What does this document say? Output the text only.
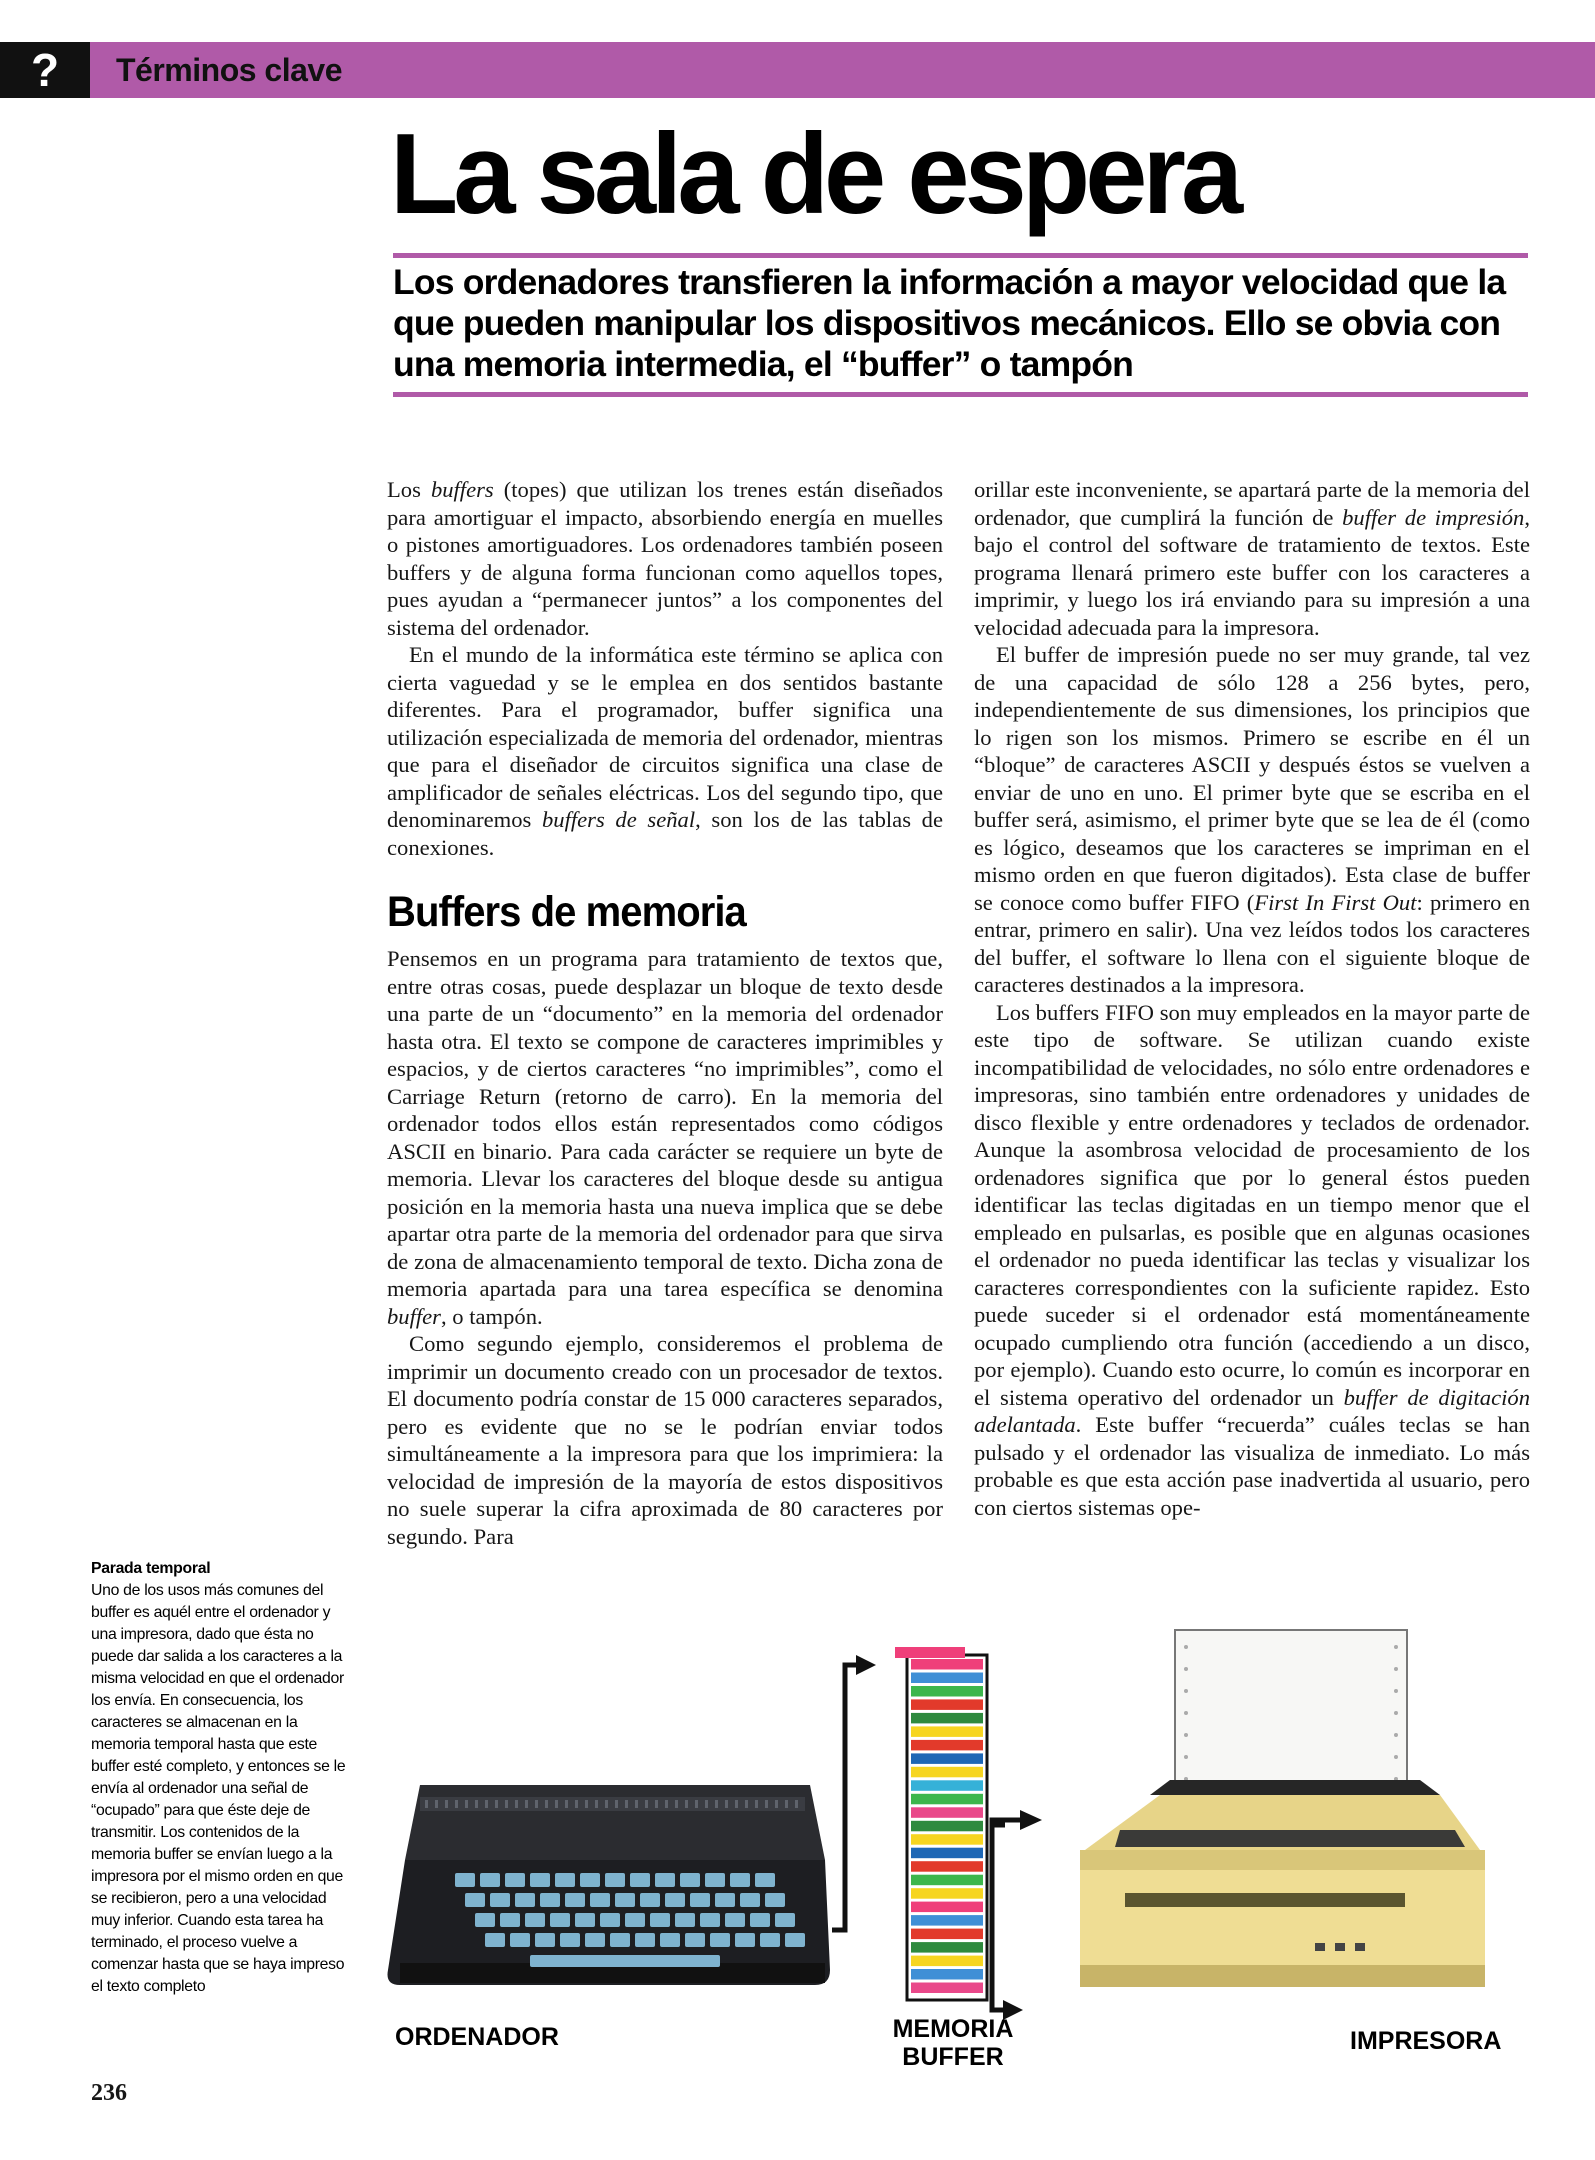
?	Términos clave
La sala de espera
Los ordenadores transfieren la información a mayor velocidad que la que pueden manipular los dispositivos mecánicos. Ello se obvia con una memoria intermedia, el “buffer” o tampón

Los buffers (topes) que utilizan los trenes están diseñados para amortiguar el impacto, absorbiendo energía en muelles o pistones amortiguadores. Los ordenadores también poseen buffers y de alguna forma funcionan como aquellos topes, pues ayudan a “permanecer juntos” a los componentes del sistema del ordenador.

En el mundo de la informática este término se aplica con cierta vaguedad y se le emplea en dos sentidos bastante diferentes. Para el programador, buffer significa una utilización especializada de memoria del ordenador, mientras que para el diseñador de circuitos significa una clase de amplificador de señales eléctricas. Los del segundo tipo, que denominaremos buffers de señal, son los de las tablas de conexiones.

Buffers de memoria

Pensemos en un programa para tratamiento de textos que, entre otras cosas, puede desplazar un bloque de texto desde una parte de un “documento” en la memoria del ordenador hasta otra. El texto se compone de caracteres imprimibles y espacios, y de ciertos caracteres “no imprimibles”, como el Carriage Return (retorno de carro). En la memoria del ordenador todos ellos están representados como códigos ASCII en binario. Para cada carácter se requiere un byte de memoria. Llevar los caracteres del bloque desde su antigua posición en la memoria hasta una nueva implica que se debe apartar otra parte de la memoria del ordenador para que sirva de zona de almacenamiento temporal de texto. Dicha zona de memoria apartada para una tarea específica se denomina buffer, o tampón.

Como segundo ejemplo, consideremos el problema de imprimir un documento creado con un procesador de textos. El documento podría constar de 15 000 caracteres separados, pero es evidente que no se le podrían enviar todos simultáneamente a la impresora para que los imprimiera: la velocidad de impresión de la mayoría de estos dispositivos no suele superar la cifra aproximada de 80 caracteres por segundo. Para

orillar este inconveniente, se apartará parte de la memoria del ordenador, que cumplirá la función de buffer de impresión, bajo el control del software de tratamiento de textos. Este programa llenará primero este buffer con los caracteres a imprimir, y luego los irá enviando para su impresión a una velocidad adecuada para la impresora.

El buffer de impresión puede no ser muy grande, tal vez de una capacidad de sólo 128 a 256 bytes, pero, independientemente de sus dimensiones, los principios que lo rigen son los mismos. Primero se escribe en él un “bloque” de caracteres ASCII y después éstos se vuelven a enviar de uno en uno. El primer byte que se escriba en el buffer será, asimismo, el primer byte que se lea de él (como es lógico, deseamos que los caracteres se impriman en el mismo orden en que fueron digitados). Esta clase de buffer se conoce como buffer FIFO (First In First Out: primero en entrar, primero en salir). Una vez leídos todos los caracteres del buffer, el software lo llena con el siguiente bloque de caracteres destinados a la impresora.

Los buffers FIFO son muy empleados en la mayor parte de este tipo de software. Se utilizan cuando existe incompatibilidad de velocidades, no sólo entre ordenadores e impresoras, sino también entre ordenadores y unidades de disco flexible y entre ordenadores y teclados de ordenador. Aunque la asombrosa velocidad de procesamiento de los ordenadores significa que por lo general éstos pueden identificar las teclas digitadas en un tiempo menor que el empleado en pulsarlas, es posible que en algunas ocasiones el ordenador no pueda identificar las teclas y visualizar los caracteres correspondientes con la suficiente rapidez. Esto puede suceder si el ordenador está momentáneamente ocupado cumpliendo otra función (accediendo a un disco, por ejemplo). Cuando esto ocurre, lo común es incorporar en el sistema operativo del ordenador un buffer de digitación adelantada. Este buffer “recuerda” cuáles teclas se han pulsado y el ordenador las visualiza de inmediato. Lo más probable es que esta acción pase inadvertida al usuario, pero con ciertos sistemas ope-

Parada temporal
Uno de los usos más comunes del buffer es aquél entre el ordenador y una impresora, dado que ésta no puede dar salida a los caracteres a la misma velocidad en que el ordenador los envía. En consecuencia, los caracteres se almacenan en la memoria temporal hasta que este buffer esté completo, y entonces se le envía al ordenador una señal de “ocupado” para que éste deje de transmitir. Los contenidos de la memoria buffer se envían luego a la impresora por el mismo orden en que se recibieron, pero a una velocidad muy inferior. Cuando esta tarea ha terminado, el proceso vuelve a comenzar hasta que se haya impreso el texto completo
236
ORDENADOR	MEMORIA
BUFFER
IMPRESORA
